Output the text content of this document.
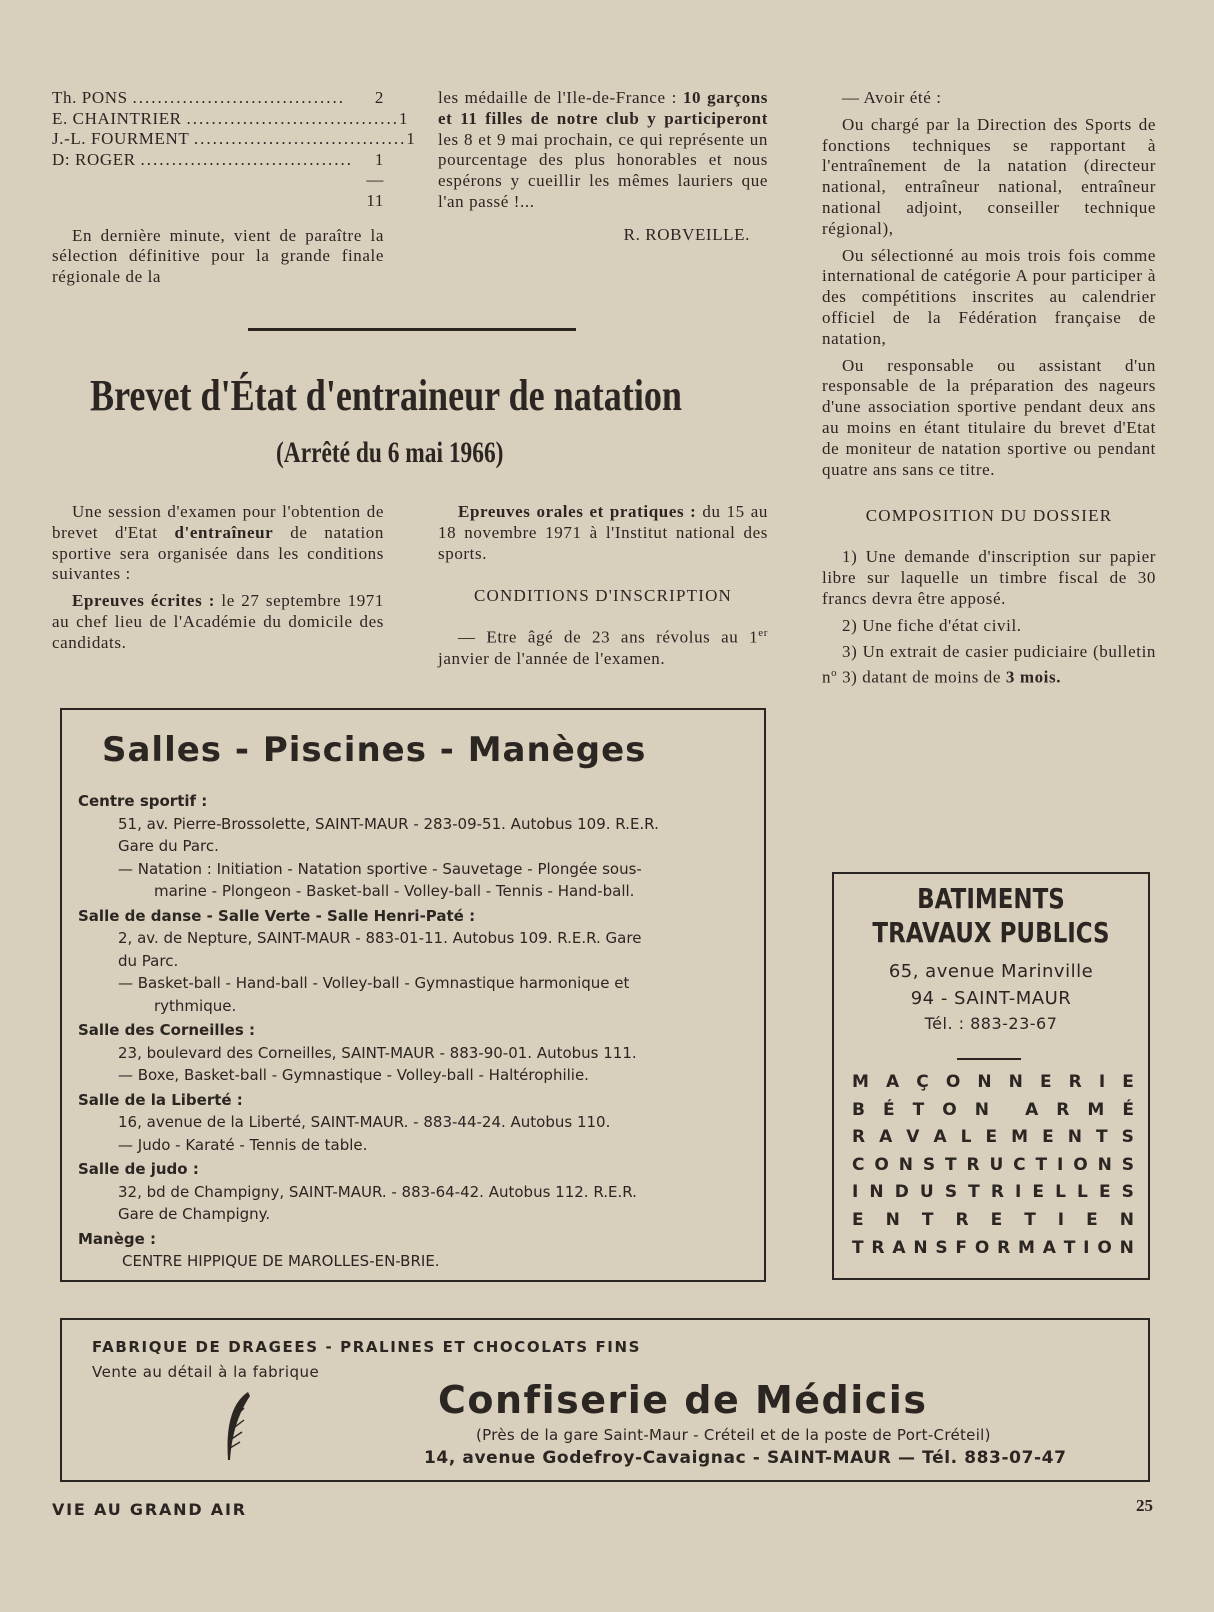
Th. PONS ..................................	2
E. CHAINTRIER .................................. 1
J.-L. FOURMENT .................................. 1
D: ROGER ..................................	1
—
11

En dernière minute, vient de paraître la sélection définitive pour la grande finale régionale de la

les médaille de l'Ile-de-France : 10 garçons et 11 filles de notre club y participeront les 8 et 9 mai prochain, ce qui représente un pourcentage des plus honorables et nous espérons y cueillir les mêmes lauriers que l'an passé !...
R. ROBVEILLE.
Brevet d'État d'entraineur de natation
(Arrêté du 6 mai 1966)

Une session d'examen pour l'obtention de brevet d'Etat d'entraîneur de natation sportive sera organisée dans les conditions suivantes :

Epreuves écrites : le 27 septembre 1971 au chef lieu de l'Académie du domicile des candidats.

Epreuves orales et pratiques : du 15 au 18 novembre 1971 à l'Institut national des sports.

CONDITIONS D'INSCRIPTION

— Etre âgé de 23 ans révolus au 1er janvier de l'année de l'examen.

— Avoir été :

Ou chargé par la Direction des Sports de fonctions techniques se rapportant à l'entraînement de la natation (directeur national, entraîneur national, entraîneur national adjoint, conseiller technique régional),

Ou sélectionné au mois trois fois comme international de catégorie A pour participer à des compétitions inscrites au calendrier officiel de la Fédération française de natation,

Ou responsable ou assistant d'un responsable de la préparation des nageurs d'une association sportive pendant deux ans au moins en étant titulaire du brevet d'Etat de moniteur de natation sportive ou pendant quatre ans sans ce titre.

COMPOSITION DU DOSSIER

1) Une demande d'inscription sur papier libre sur laquelle un timbre fiscal de 30 francs devra être apposé.

2) Une fiche d'état civil.

3) Un extrait de casier pudiciaire (bulletin $n^o$ 3) datant de moins de 3 mois.

Salles - Piscines - Manèges
Centre sportif :
51, av. Pierre-Brossolette, SAINT-MAUR - 283-09-51. Autobus 109. R.E.R.
Gare du Parc.
— Natation : Initiation - Natation sportive - Sauvetage - Plongée sous-
marine - Plongeon - Basket-ball - Volley-ball - Tennis - Hand-ball.
Salle de danse - Salle Verte - Salle Henri-Paté :
2, av. de Nepture, SAINT-MAUR - 883-01-11. Autobus 109. R.E.R. Gare
du Parc.
— Basket-ball - Hand-ball - Volley-ball - Gymnastique harmonique et
rythmique.
Salle des Corneilles :
23, boulevard des Corneilles, SAINT-MAUR - 883-90-01. Autobus 111.
— Boxe, Basket-ball - Gymnastique - Volley-ball - Haltérophilie.
Salle de la Liberté :
16, avenue de la Liberté, SAINT-MAUR. - 883-44-24. Autobus 110.
— Judo - Karaté - Tennis de table.
Salle de judo :
32, bd de Champigny, SAINT-MAUR. - 883-64-42. Autobus 112. R.E.R.
Gare de Champigny.
Manège :
CENTRE HIPPIQUE DE MAROLLES-EN-BRIE.
BATIMENTS
TRAVAUX PUBLICS
65, avenue Marinville
94 - SAINT-MAUR
Tél. : 883-23-67
M A Ç O N N E R I E
B É T O N A R M É
R A V A L E M E N T S
C O N S T R U C T I O N S
I N D U S T R I E L L E S
E N T R E T I E N
T R A N S F O R M A T I O N
FABRIQUE DE DRAGEES - PRALINES ET CHOCOLATS FINS
Vente au détail à la fabrique
Confiserie de Médicis
(Près de la gare Saint-Maur - Créteil et de la poste de Port-Créteil)
14, avenue Godefroy-Cavaignac - SAINT-MAUR — Tél. 883-07-47
VIE AU GRAND AIR	25
